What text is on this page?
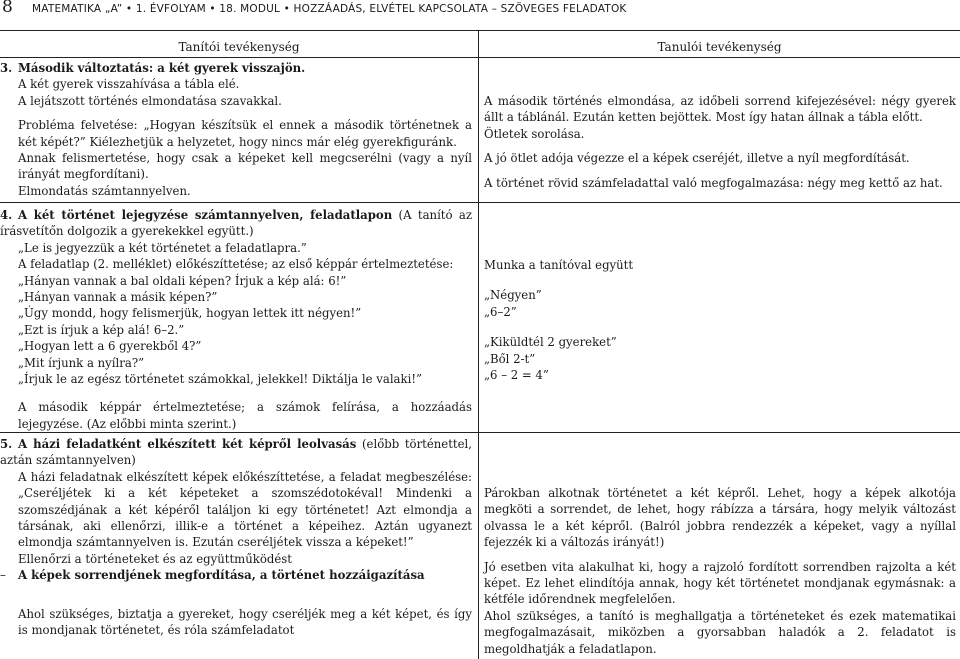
8 MATEMATIKA „A” • 1. ÉVFOLYAM • 18. MODUL • HOZZÁADÁS, ELVÉTEL KAPCSOLATA – SZÖVEGES FELADATOK
Tanítói tevékenység	Tanulói tevékenység

3. Második változtatás: a két gyerek visszajön.

A két gyerek visszahívása a tábla elé.

A lejátszott történés elmondatása szavakkal.

Probléma felvetése: „Hogyan készítsük el ennek a második történetnek a két képét?” Kiélezhetjük a helyzetet, hogy nincs már elég gyerekfiguránk.

Annak felismertetése, hogy csak a képeket kell megcserélni (vagy a nyíl irányát megfordítani).

Elmondatás számtannyelven.

A második történés elmondása, az időbeli sorrend kifejezésével: négy gyerek állt a táblánál. Ezután ketten bejöttek. Most így hatan állnak a tábla előtt.

Ötletek sorolása.

A jó ötlet adója végezze el a képek cseréjét, illetve a nyíl megfordítását.

A történet rövid számfeladattal való megfogalmazása: négy meg kettő az hat.

4. A két történet lejegyzése számtannyelven, feladatlapon (A tanító az írásvetítőn dolgozik a gyerekekkel együtt.)

„Le is jegyezzük a két történetet a feladatlapra.”

A feladatlap (2. melléklet) előkészíttetése; az első képpár értelmeztetése:

„Hányan vannak a bal oldali képen? Írjuk a kép alá: 6!”

„Hányan vannak a másik képen?”

„Úgy mondd, hogy felismerjük, hogyan lettek itt négyen!”

„Ezt is írjuk a kép alá! 6–2.”

„Hogyan lett a 6 gyerekből 4?”

„Mit írjunk a nyílra?”

„Írjuk le az egész történetet számokkal, jelekkel! Diktálja le valaki!”

A második képpár értelmeztetése; a számok felírása, a hozzáadás lejegyzése. (Az előbbi minta szerint.)

Munka a tanítóval együtt

„Négyen”

„6–2”

„Kiküldtél 2 gyereket”

„Ből 2-t”

„6 – 2 = 4”

5. A házi feladatként elkészített két képről leolvasás (előbb történettel, aztán számtannyelven)

A házi feladatnak elkészített képek előkészíttetése, a feladat megbeszélése: „Cseréljétek ki a két képeteket a szomszédotokéval! Mindenki a szomszédjának a két képéről találjon ki egy történetet! Azt elmondja a társának, aki ellenőrzi, illik-e a történet a képeihez. Aztán ugyanezt elmondja számtannyelven is. Ezután cseréljétek vissza a képeket!”

Ellenőrzi a történeteket és az együttműködést

– A képek sorrendjének megfordítása, a történet hozzáigazítása

Ahol szükséges, biztatja a gyereket, hogy cseréljék meg a két képet, és így is mondjanak történetet, és róla számfeladatot

Párokban alkotnak történetet a két képről. Lehet, hogy a képek alkotója megköti a sorrendet, de lehet, hogy rábízza a társára, hogy melyik változást olvassa le a két képről. (Balról jobbra rendezzék a képeket, vagy a nyíllal fejezzék ki a változás irányát!)

Jó esetben vita alakulhat ki, hogy a rajzoló fordított sorrendben rajzolta a két képet. Ez lehet elindítója annak, hogy két történetet mondjanak egymásnak: a kétféle időrendnek megfelelően.

Ahol szükséges, a tanító is meghallgatja a történeteket és ezek matematikai megfogalmazásait, miközben a gyorsabban haladók a 2. feladatot is megoldhatják a feladatlapon.
